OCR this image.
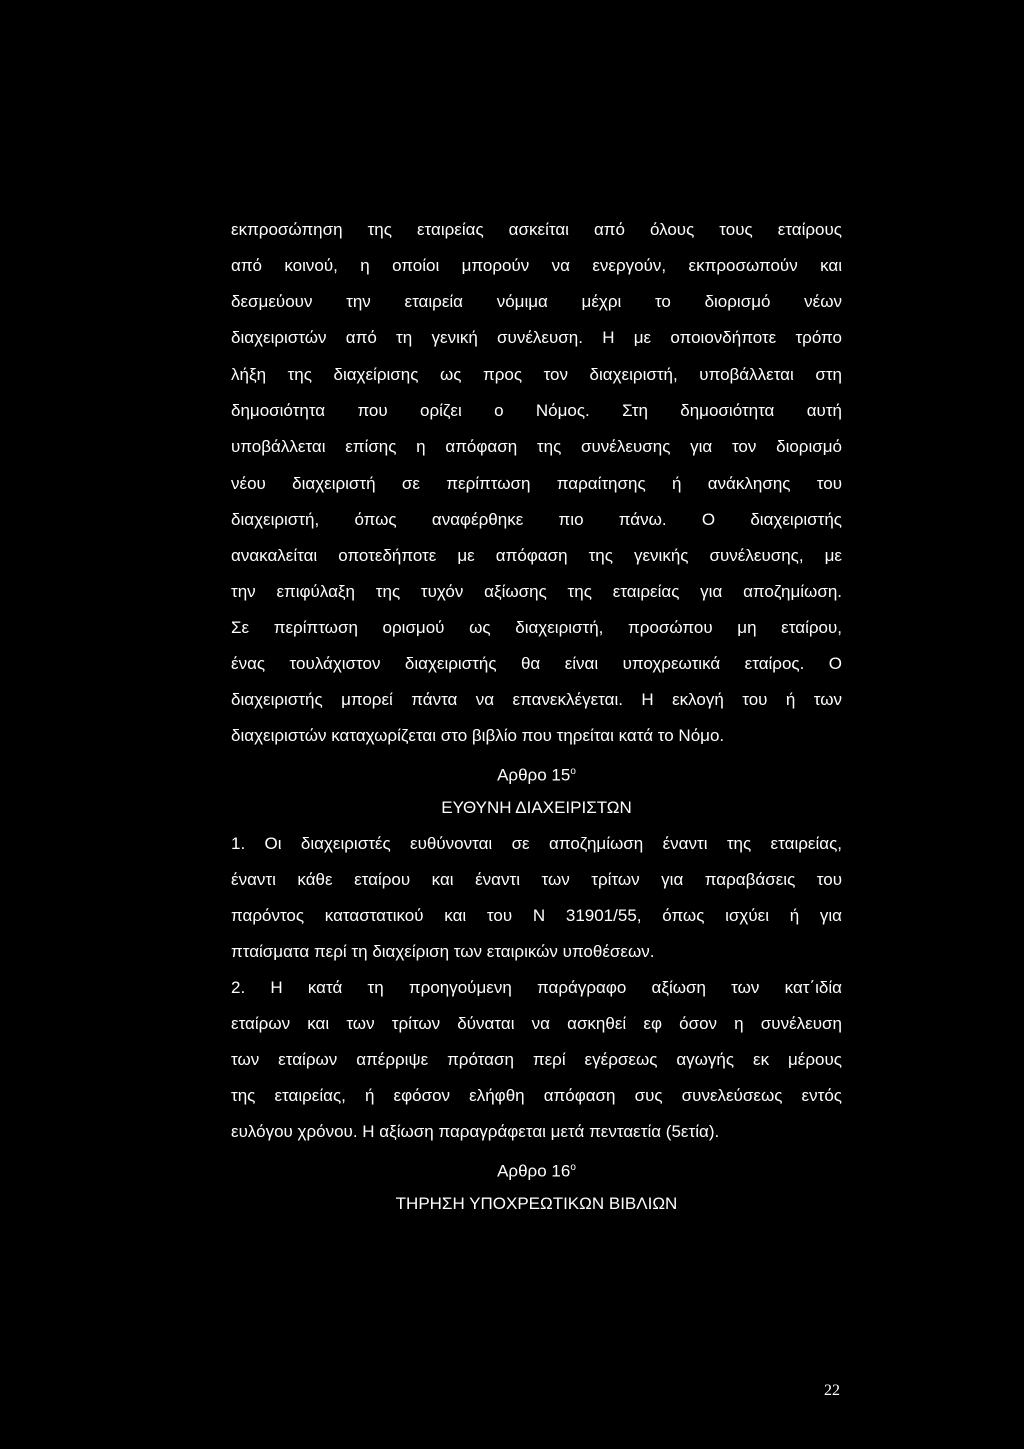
εκπροσώπηση της εταιρείας ασκείται από όλους τους εταίρους
από κοινού, η οποίοι μπορούν να ενεργούν, εκπροσωπούν και
δεσμεύουν την εταιρεία νόμιμα μέχρι το διορισμό νέων
διαχειριστών από τη γενική συνέλευση. Η με οποιονδήποτε τρόπο
λήξη της διαχείρισης ως προς τον διαχειριστή, υποβάλλεται στη
δημοσιότητα που ορίζει ο Νόμος. Στη δημοσιότητα αυτή
υποβάλλεται επίσης η απόφαση της συνέλευσης για τον διορισμό
νέου διαχειριστή σε περίπτωση παραίτησης ή ανάκλησης του
διαχειριστή, όπως αναφέρθηκε πιο πάνω. Ο διαχειριστής
ανακαλείται οποτεδήποτε με απόφαση της γενικής συνέλευσης, με
την επιφύλαξη της τυχόν αξίωσης της εταιρείας για αποζημίωση.
Σε περίπτωση ορισμού ως διαχειριστή, προσώπου μη εταίρου,
ένας τουλάχιστον διαχειριστής θα είναι υποχρεωτικά εταίρος. Ο
διαχειριστής μπορεί πάντα να επανεκλέγεται. Η εκλογή του ή των
διαχειριστών καταχωρίζεται στο βιβλίο που τηρείται κατά το Νόμο.
Αρθρο $15^o$
ΕΥΘΥΝΗ ΔΙΑΧΕΙΡΙΣΤΩΝ
1. Οι διαχειριστές ευθύνονται σε αποζημίωση έναντι της εταιρείας,
έναντι κάθε εταίρου και έναντι των τρίτων για παραβάσεις του
παρόντος καταστατικού και του Ν 31901/55, όπως ισχύει ή για
πταίσματα περί τη διαχείριση των εταιρικών υποθέσεων.
2. Η κατά τη προηγούμενη παράγραφο αξίωση των κατ΄ιδία
εταίρων και των τρίτων δύναται να ασκηθεί εφ όσον η συνέλευση
των εταίρων απέρριψε πρόταση περί εγέρσεως αγωγής εκ μέρους
της εταιρείας, ή εφόσον ελήφθη απόφαση συς συνελεύσεως εντός
ευλόγου χρόνου. Η αξίωση παραγράφεται μετά πενταετία (5ετία).
Αρθρο $16^o$
ΤΗΡΗΣΗ ΥΠΟΧΡΕΩΤΙΚΩΝ ΒΙΒΛΙΩΝ
22
